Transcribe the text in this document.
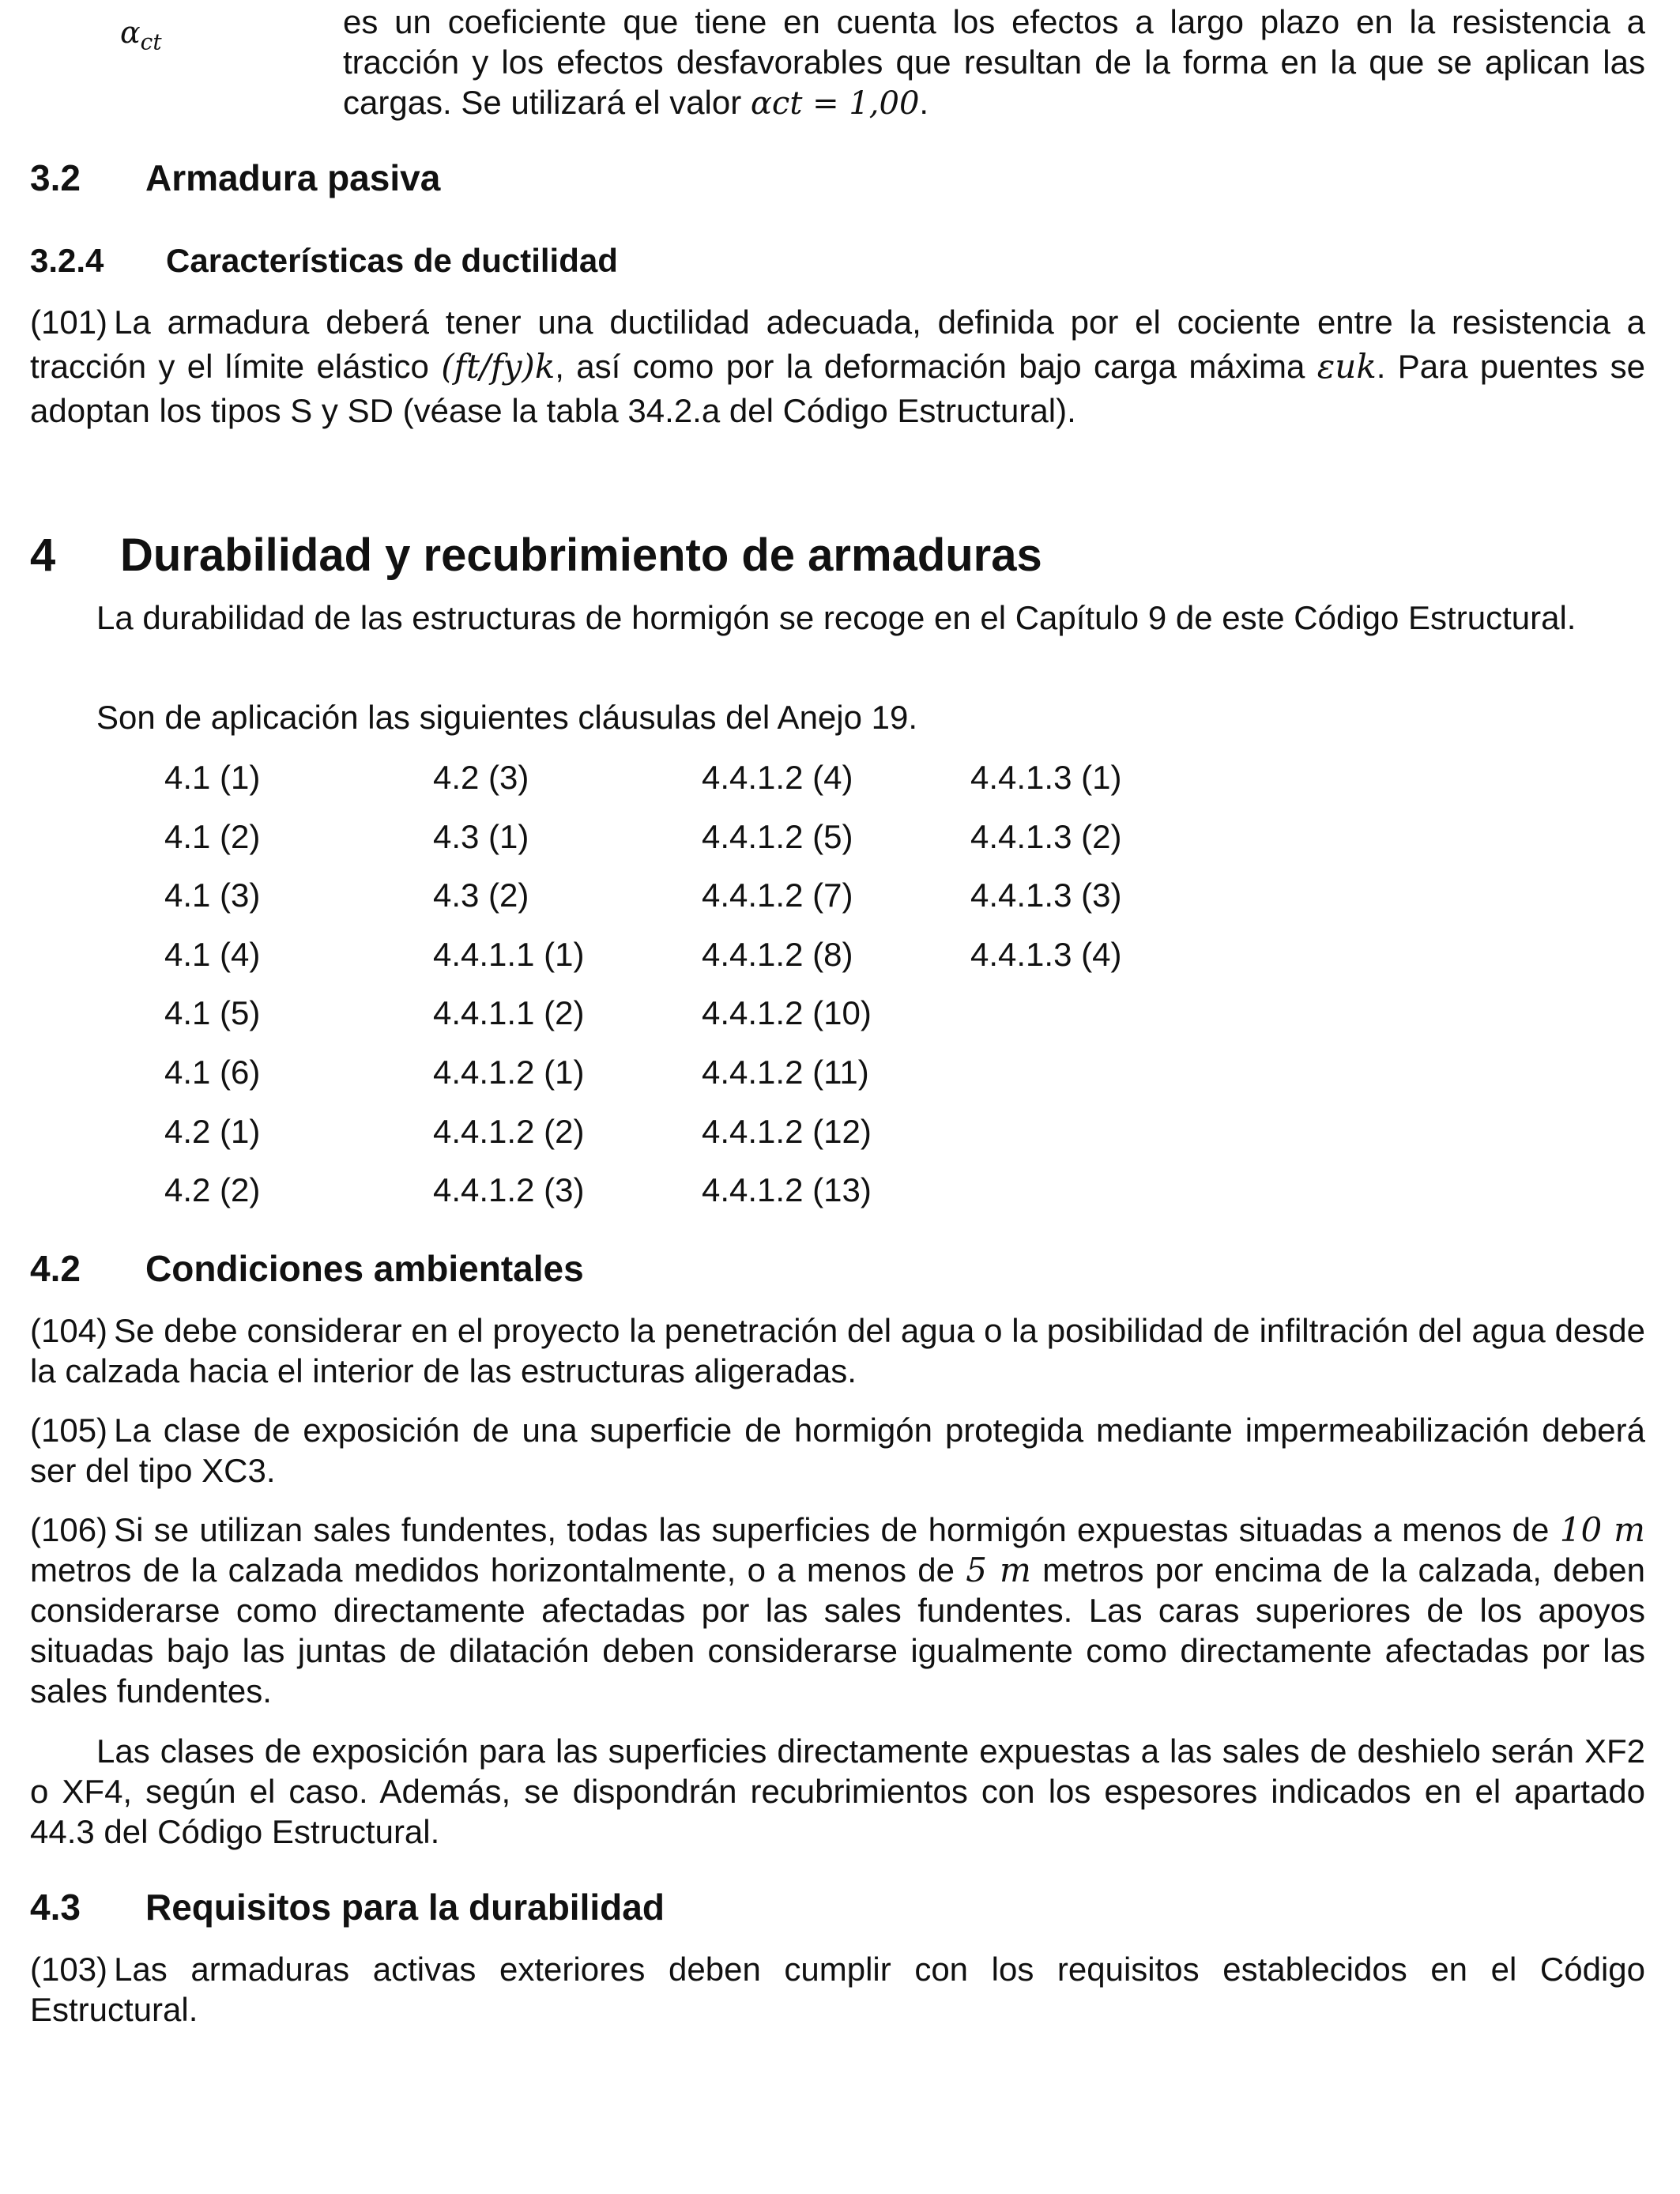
$\alpha_{ct}$
es un coeficiente que tiene en cuenta los efectos a largo plazo en la resistencia a tracción y los efectos desfavorables que resultan de la forma en la que se aplican las cargas. Se utilizará el valor αct = 1,00.
3.2 Armadura pasiva
3.2.4 Características de ductilidad
(101) La armadura deberá tener una ductilidad adecuada, definida por el cociente entre la resistencia a tracción y el límite elástico (ft/fy)k, así como por la deformación bajo carga máxima εuk. Para puentes se adoptan los tipos S y SD (véase la tabla 34.2.a del Código Estructural).
4 Durabilidad y recubrimiento de armaduras
La durabilidad de las estructuras de hormigón se recoge en el Capítulo 9 de este Código Estructural.
Son de aplicación las siguientes cláusulas del Anejo 19.
4.1 (1)
4.1 (2)
4.1 (3)
4.1 (4)
4.1 (5)
4.1 (6)
4.2 (1)
4.2 (2)
4.2 (3)
4.3 (1)
4.3 (2)
4.4.1.1 (1)
4.4.1.1 (2)
4.4.1.2 (1)
4.4.1.2 (2)
4.4.1.2 (3)
4.4.1.2 (4)
4.4.1.2 (5)
4.4.1.2 (7)
4.4.1.2 (8)
4.4.1.2 (10)
4.4.1.2 (11)
4.4.1.2 (12)
4.4.1.2 (13)
4.4.1.3 (1)
4.4.1.3 (2)
4.4.1.3 (3)
4.4.1.3 (4)
4.2 Condiciones ambientales
(104) Se debe considerar en el proyecto la penetración del agua o la posibilidad de infiltración del agua desde la calzada hacia el interior de las estructuras aligeradas.
(105) La clase de exposición de una superficie de hormigón protegida mediante impermeabilización deberá ser del tipo XC3.
(106) Si se utilizan sales fundentes, todas las superficies de hormigón expuestas situadas a menos de 10 m metros de la calzada medidos horizontalmente, o a menos de 5 m metros por encima de la calzada, deben considerarse como directamente afectadas por las sales fundentes. Las caras superiores de los apoyos situadas bajo las juntas de dilatación deben considerarse igualmente como directamente afectadas por las sales fundentes.
Las clases de exposición para las superficies directamente expuestas a las sales de deshielo serán XF2 o XF4, según el caso. Además, se dispondrán recubrimientos con los espesores indicados en el apartado 44.3 del Código Estructural.
4.3 Requisitos para la durabilidad
(103) Las armaduras activas exteriores deben cumplir con los requisitos establecidos en el Código Estructural.
